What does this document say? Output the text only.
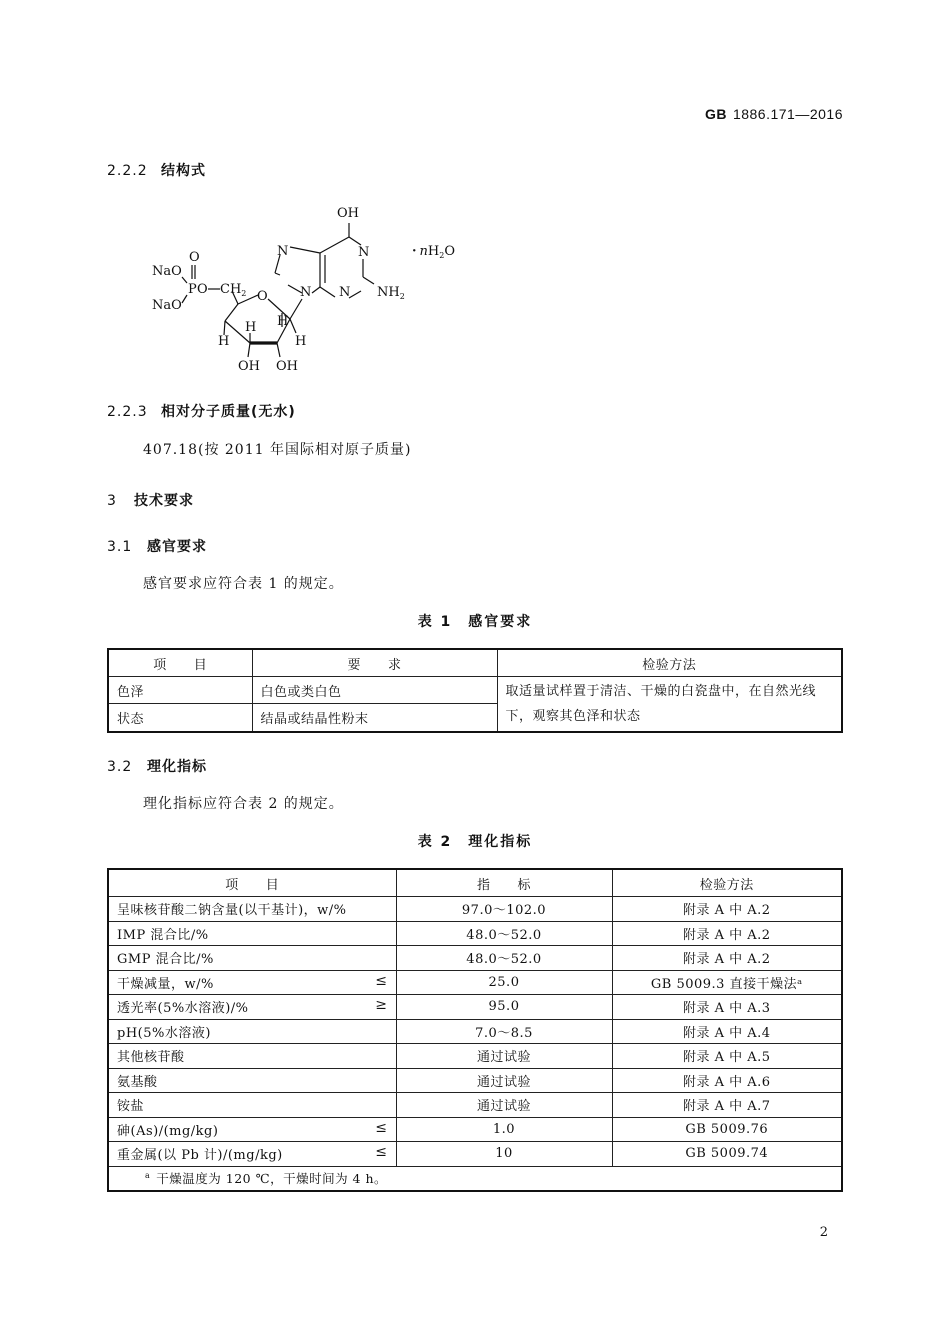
GB 1886.171—2016
2.2.2 结构式
OH
N
N
N
N	$NH_2$
NaO
NaO
O
P O $CH_2$ O
H
H H
H
OH OH
· $nH_2O$
2.2.3 相对分子质量(无水)
407.18(按 2011 年国际相对原子质量)
3 技术要求
3.1 感官要求
感官要求应符合表 1 的规定。
表 1　感官要求
项　　目	要　　求	检验方法
色泽	白色或类白色	取适量试样置于清洁、干燥的白瓷盘中，在自然光线下，观察其色泽和状态
状态	结晶或结晶性粉末	
3.2 理化指标
理化指标应符合表 2 的规定。
表 2　理化指标
项　　目	指　　标	检验方法
呈味核苷酸二钠含量(以干基计)，w/%	97.0～102.0	附录 A 中 A.2
IMP 混合比/%	48.0～52.0	附录 A 中 A.2
GMP 混合比/%	48.0～52.0	附录 A 中 A.2
干燥减量，w/% ≤	25.0	GB 5009.3 直接干燥法ᵃ
透光率(5%水溶液)/% ≥	95.0	附录 A 中 A.3
pH(5%水溶液)	7.0～8.5	附录 A 中 A.4
其他核苷酸	通过试验	附录 A 中 A.5
氨基酸	通过试验	附录 A 中 A.6
铵盐	通过试验	附录 A 中 A.7
砷(As)/(mg/kg) ≤	1.0	GB 5009.76
重金属(以 Pb 计)/(mg/kg) ≤	10	GB 5009.74
$^a$ 干燥温度为 120 ℃，干燥时间为 4 h。		
2
